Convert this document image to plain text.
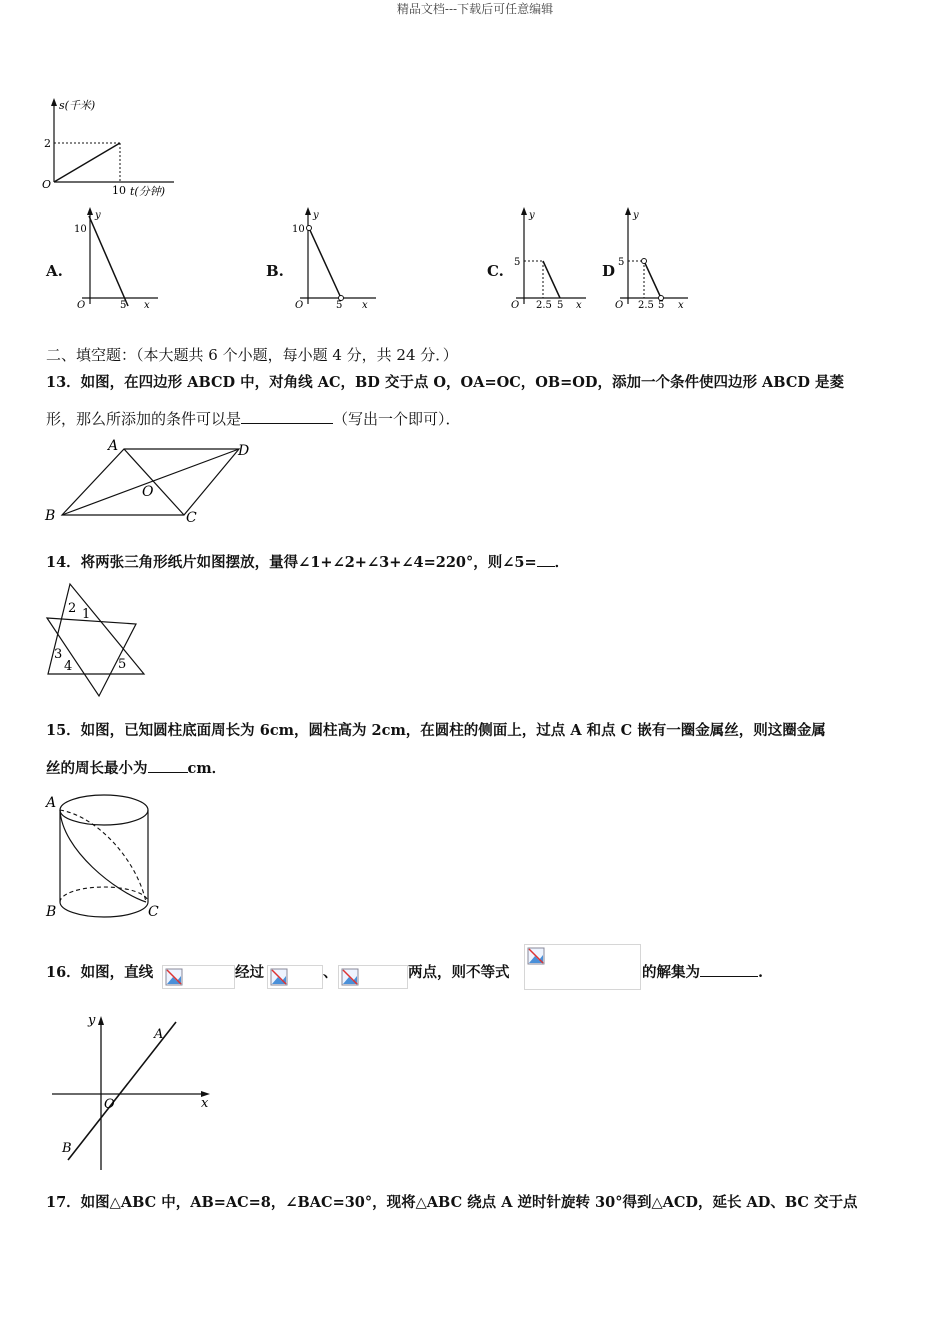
精品文档---下载后可任意编辑
s(千米)
2
O	10 t(分钟)
A.
y
10
O	5 x
B.
y
10
O	5 x
C.
y
5
O 2.5 5 x
D
y
5
O 2.5 5 x
二、填空题：（本大题共 6 个小题，每小题 4 分，共 24 分．）
13．如图，在四边形 ABCD 中，对角线 AC，BD 交于点 O，OA=OC，OB=OD，添加一个条件使四边形 ABCD 是菱
形，那么所添加的条件可以是	（写出一个即可）．
A	D
O
B	C
14．将两张三角形纸片如图摆放，量得∠1+∠2+∠3+∠4=220°，则∠5= ．
2 1
3
4	5
15．如图，已知圆柱底面周长为 6cm，圆柱高为 2cm，在圆柱的侧面上，过点 A 和点 C 嵌有一圈金属丝，则这圈金属
丝的周长最小为	cm．
A
B	C
16．如图，直线	经过	、	两点，则不等式	的解集为	.
y
x
O
A
B
17．如图△ABC 中，AB=AC=8，∠BAC=30°，现将△ABC 绕点 A 逆时针旋转 30°得到△ACD，延长 AD、BC 交于点
